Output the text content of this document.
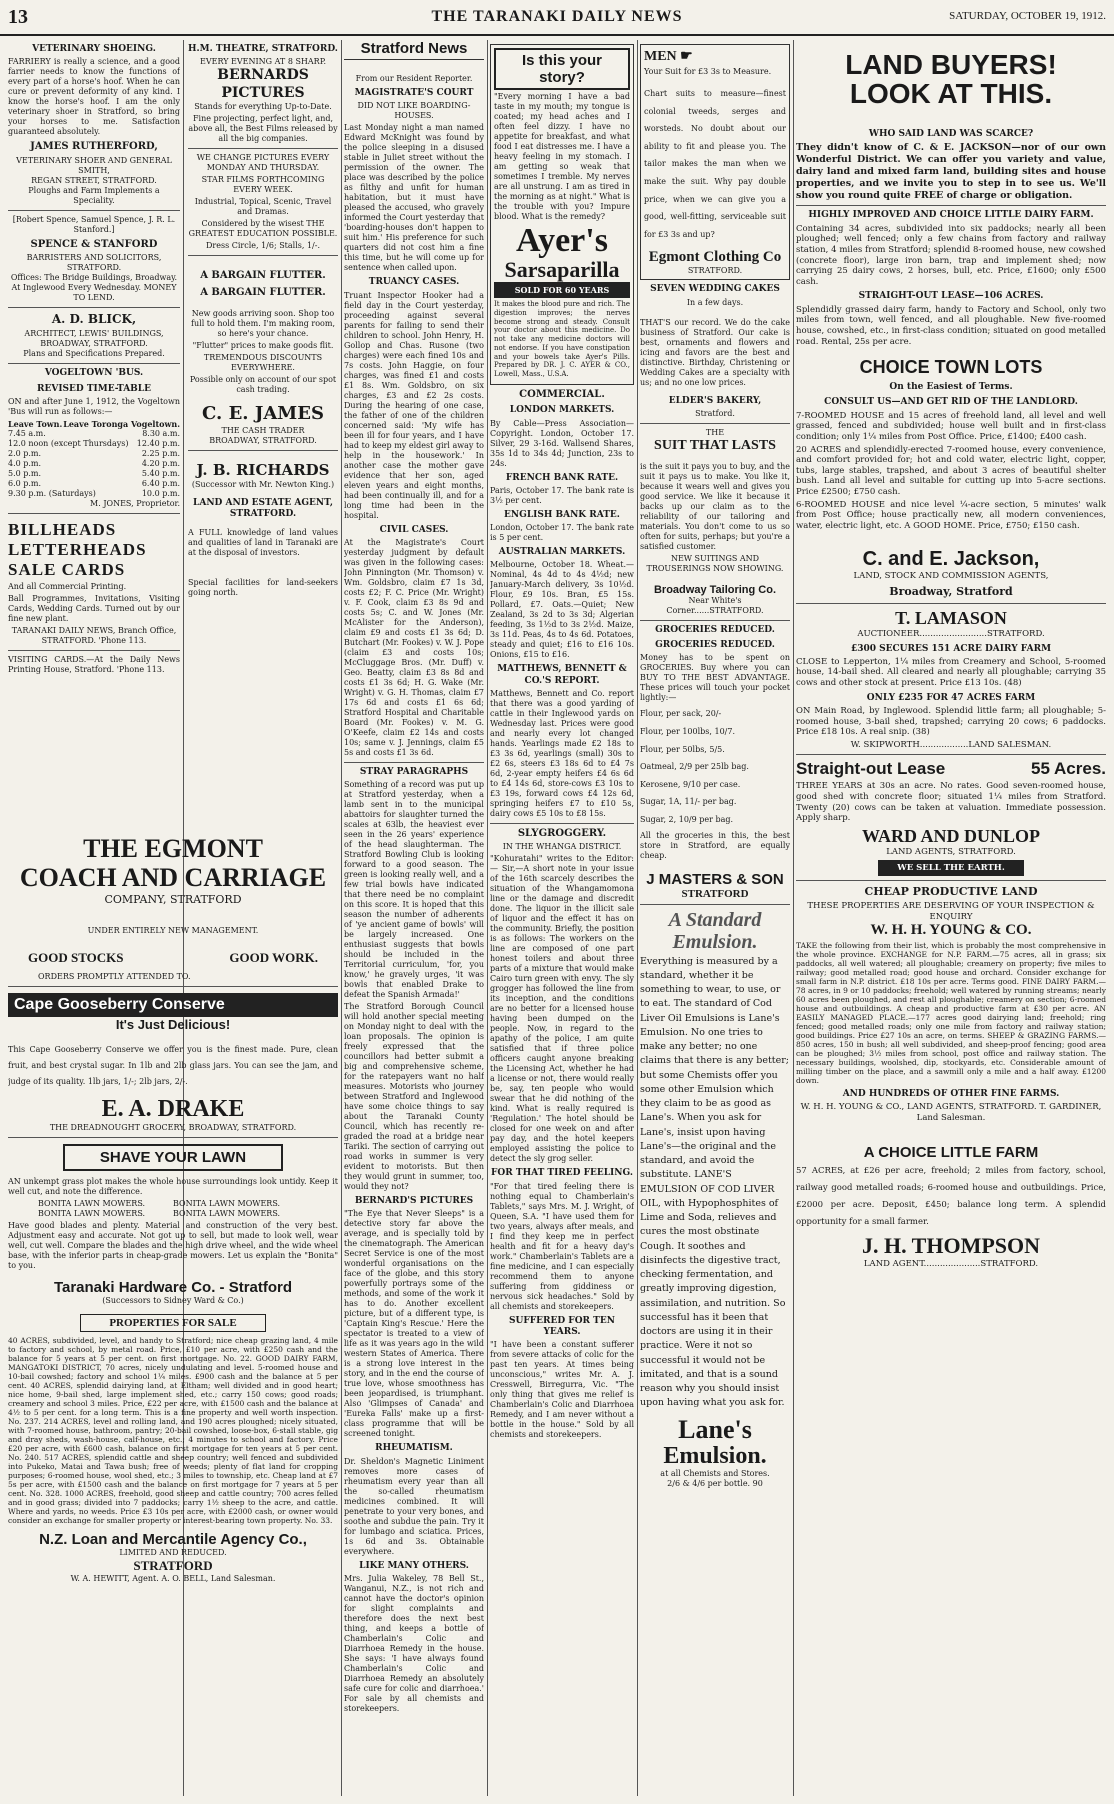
13	THE TARANAKI DAILY NEWS	SATURDAY, OCTOBER 19, 1912.
VETERINARY SHOEING.

FARRIERY is really a science, and a good farrier needs to know the functions of every part of a horse's hoof. When he can cure or prevent deformity of any kind. I know the horse's hoof. I am the only veterinary shoer in Stratford, so bring your horses to me. Satisfaction guaranteed absolutely.

JAMES RUTHERFORD,
VETERINARY SHOER AND GENERAL SMITH,
REGAN STREET, STRATFORD.
Ploughs and Farm Implements a Speciality.
[Robert Spence, Samuel Spence, J. R. L. Stanford.]
SPENCE & STANFORD
BARRISTERS AND SOLICITORS, STRATFORD.
Offices: The Bridge Buildings, Broadway.
At Inglewood Every Wednesday. MONEY TO LEND.
A. D. BLICK,
ARCHITECT, LEWIS' BUILDINGS, BROADWAY, STRATFORD.
Plans and Specifications Prepared.
VOGELTOWN 'BUS.
REVISED TIME-TABLE

ON and after June 1, 1912, the Vogeltown 'Bus will run as follows:—

Leave Town. Leave Toronga Vogeltown.
7.45 a.m.	8.30 a.m.
12.0 noon (except Thursdays) 12.40 p.m.
2.0 p.m.	2.25 p.m.
4.0 p.m.	4.20 p.m.
5.0 p.m.	5.40 p.m.
6.0 p.m.	6.40 p.m.
9.30 p.m. (Saturdays)	10.0 p.m.
M. JONES, Proprietor.
BILLHEADS
LETTERHEADS
SALE CARDS

And all Commercial Printing.

Ball Programmes, Invitations, Visiting Cards, Wedding Cards. Turned out by our fine new plant.

TARANAKI DAILY NEWS, Branch Office, STRATFORD. 'Phone 113.

VISITING CARDS.—At the Daily News Printing House, Stratford. 'Phone 113.

H.M. THEATRE, STRATFORD.
EVERY EVENING AT 8 SHARP.
BERNARDS
PICTURES
Stands for everything Up-to-Date.

Fine projecting, perfect light, and, above all, the Best Films released by all the big companies.

WE CHANGE PICTURES EVERY MONDAY AND THURSDAY.

STAR FILMS FORTHCOMING EVERY WEEK.

Industrial, Topical, Scenic, Travel and Dramas.

Considered by the wisest THE GREATEST EDUCATION POSSIBLE.

Dress Circle, 1/6; Stalls, 1/-.

A BARGAIN FLUTTER.
A BARGAIN FLUTTER.

New goods arriving soon. Shop too full to hold them. I'm making room, so here's your chance.

"Flutter" prices to make goods flit.

TREMENDOUS DISCOUNTS EVERYWHERE.

Possible only on account of our spot cash trading.

C. E. JAMES
THE CASH TRADER
BROADWAY, STRATFORD.
J. B. RICHARDS
(Successor with Mr. Newton King.)
LAND AND ESTATE AGENT, STRATFORD.

A FULL knowledge of land values and qualities of land in Taranaki are at the disposal of investors.

Special facilities for land-seekers going north.

Stratford News
From our Resident Reporter.
MAGISTRATE'S COURT
DID NOT LIKE BOARDING-HOUSES.

Last Monday night a man named Edward McKnight was found by the police sleeping in a disused stable in Juliet street without the permission of the owner. The place was described by the police as filthy and unfit for human habitation, but it must have pleased the accused, who gravely informed the Court yesterday that 'boarding-houses don't happen to suit him.' His preference for such quarters did not cost him a fine this time, but he will come up for sentence when called upon.

TRUANCY CASES.

Truant Inspector Hooker had a field day in the Court yesterday, proceeding against several parents for failing to send their children to school. John Henry, H. Gollop and Chas. Rusone (two charges) were each fined 10s and 7s costs. John Haggie, on four charges, was fined £1 and costs £1 8s. Wm. Goldsbro, on six charges, £3 and £2 2s costs. During the hearing of one case, the father of one of the children concerned said: 'My wife has been ill for four years, and I have had to keep my eldest girl away to help in the housework.' In another case the mother gave evidence that her son, aged eleven years and eight months, had been continually ill, and for a long time had been in the hospital.

CIVIL CASES.

At the Magistrate's Court yesterday judgment by default was given in the following cases: John Pinnington (Mr. Thomson) v. Wm. Goldsbro, claim £7 1s 3d, costs £2; F. C. Price (Mr. Wright) v. F. Cook, claim £3 8s 9d and costs 5s; C. and W. Jones (Mr. McAlister for the Anderson), claim £9 and costs £1 3s 6d; D. Butchart (Mr. Fookes) v. W. J. Pope (claim £3 and costs 10s; McCluggage Bros. (Mr. Duff) v. Geo. Beatty, claim £3 8s 8d and costs £1 3s 6d; H. G. Wake (Mr. Wright) v. G. H. Thomas, claim £7 17s 6d and costs £1 6s 6d; Stratford Hospital and Charitable Board (Mr. Fookes) v. M. G. O'Keefe, claim £2 14s and costs 10s; same v. J. Jennings, claim £5 5s and costs £1 3s 6d.

STRAY PARAGRAPHS

Something of a record was put up at Stratford yesterday, when a lamb sent in to the municipal abattoirs for slaughter turned the scales at 63lb, the heaviest ever seen in the 26 years' experience of the head slaughterman. The Stratford Bowling Club is looking forward to a good season. The green is looking really well, and a few trial bowls have indicated that there need be no complaint on this score. It is hoped that this season the number of adherents of 'ye ancient game of bowls' will be largely increased. One enthusiast suggests that bowls should be included in the Territorial curriculum, 'for, you know,' he gravely urges, 'it was bowls that enabled Drake to defeat the Spanish Armada!'

The Stratford Borough Council will hold another special meeting on Monday night to deal with the loan proposals. The opinion is freely expressed that the councillors had better submit a big and comprehensive scheme, for the ratepayers want no half measures. Motorists who journey between Stratford and Inglewood have some choice things to say about the Taranaki County Council, which has recently re-graded the road at a bridge near Tariki. The section of carrying out road works in summer is very evident to motorists. But then they would grunt in summer, too, would they not?

BERNARD'S PICTURES

"The Eye that Never Sleeps" is a detective story far above the average, and is specially told by the cinematograph. The American Secret Service is one of the most wonderful organisations on the face of the globe, and this story powerfully portrays some of the methods, and some of the work it has to do. Another excellent picture, but of a different type, is 'Captain King's Rescue.' Here the spectator is treated to a view of life as it was years ago in the wild western States of America. There is a strong love interest in the story, and in the end the course of true love, whose smoothness has been jeopardised, is triumphant. Also 'Glimpses of Canada' and 'Eureka Falls' make up a first-class programme that will be screened tonight.

RHEUMATISM.

Dr. Sheldon's Magnetic Liniment removes more cases of rheumatism every year than all the so-called rheumatism medicines combined. It will penetrate to your very bones, and soothe and subdue the pain. Try it for lumbago and sciatica. Prices, 1s 6d and 3s. Obtainable everywhere.

LIKE MANY OTHERS.

Mrs. Julia Wakeley, 78 Bell St., Wanganui, N.Z., is not rich and cannot have the doctor's opinion for slight complaints and therefore does the next best thing, and keeps a bottle of Chamberlain's Colic and Diarrhoea Remedy in the house. She says: 'I have always found Chamberlain's Colic and Diarrhoea Remedy an absolutely safe cure for colic and diarrhoea.' For sale by all chemists and storekeepers.

Is this your story?

"Every morning I have a bad taste in my mouth; my tongue is coated; my head aches and I often feel dizzy. I have no appetite for breakfast, and what food I eat distresses me. I have a heavy feeling in my stomach. I am getting so weak that sometimes I tremble. My nerves are all unstrung. I am as tired in the morning as at night." What is the trouble with you? Impure blood. What is the remedy?

Ayer's
Sarsaparilla
SOLD FOR 60 YEARS

It makes the blood pure and rich. The digestion improves; the nerves become strong and steady. Consult your doctor about this medicine. Do not take any medicine doctors will not endorse. If you have constipation and your bowels take Ayer's Pills. Prepared by DR. J. C. AYER & CO., Lowell, Mass., U.S.A.

COMMERCIAL.
LONDON MARKETS.

By Cable—Press Association—Copyright. London, October 17. Silver, 29 3-16d. Wallsend Shares, 35s 1d to 34s 4d; Junction, 23s to 24s.

FRENCH BANK RATE.

Paris, October 17. The bank rate is 3½ per cent.

ENGLISH BANK RATE.

London, October 17. The bank rate is 5 per cent.

AUSTRALIAN MARKETS.

Melbourne, October 18. Wheat.—Nominal, 4s 4d to 4s 4½d; new January-March delivery, 3s 10½d. Flour, £9 10s. Bran, £5 15s. Pollard, £7. Oats.—Quiet; New Zealand, 3s 2d to 3s 3d; Algerian feeding, 3s 1½d to 3s 2½d. Maize, 3s 11d. Peas, 4s to 4s 6d. Potatoes, steady and quiet; £16 to £16 10s. Onions, £15 to £16.

MATTHEWS, BENNETT & CO.'S REPORT.

Matthews, Bennett and Co. report that there was a good yarding of cattle in their Inglewood yards on Wednesday last. Prices were good and nearly every lot changed hands. Yearlings made £2 18s to £3 3s 6d, yearlings (small) 30s to £2 6s, steers £3 18s 6d to £4 7s 6d, 2-year empty heifers £4 6s 6d to £4 14s 6d, store-cows £3 10s to £3 19s, forward cows £4 12s 6d, springing heifers £7 to £10 5s, dairy cows £5 10s to £8 15s.

SLYGROGGERY.
IN THE WHANGA DISTRICT.

"Kohuratahi" writes to the Editor:— Sir,—A short note in your issue of the 16th scarcely describes the situation of the Whangamomona line or the damage and discredit done. The liquor in the illicit sale of liquor and the effect it has on the community. Briefly, the position is as follows: The workers on the line are composed of one part honest toilers and about three parts of a mixture that would make Cairo turn green with envy. The sly grogger has followed the line from its inception, and the conditions are no better for a licensed house having been dumped on the people. Now, in regard to the apathy of the police, I am quite satisfied that if three police officers caught anyone breaking the Licensing Act, whether he had a license or not, there would really be, say, ten people who would swear that he did nothing of the kind. What is really required is 'Regulation.' The hotel should be closed for one week on and after pay day, and the hotel keepers employed assisting the police to detect the sly grog seller.

FOR THAT TIRED FEELING.

"For that tired feeling there is nothing equal to Chamberlain's Tablets," says Mrs. M. J. Wright, of Queen, S.A. "I have used them for two years, always after meals, and I find they keep me in perfect health and fit for a heavy day's work." Chamberlain's Tablets are a fine medicine, and I can especially recommend them to anyone suffering from giddiness or nervous sick headaches." Sold by all chemists and storekeepers.

SUFFERED FOR TEN YEARS.

"I have been a constant sufferer from severe attacks of colic for the past ten years. At times being unconscious," writes Mr. A. J. Cresswell, Birregurra, Vic. "The only thing that gives me relief is Chamberlain's Colic and Diarrhoea Remedy, and I am never without a bottle in the house." Sold by all chemists and storekeepers.

MEN ☛

Your Suit for £3 3s to Measure.

Chart suits to measure—finest colonial tweeds, serges and worsteds. No doubt about our ability to fit and please you. The tailor makes the man when we make the suit. Why pay double price, when we can give you a good, well-fitting, serviceable suit for £3 3s and up?

Egmont Clothing Co
STRATFORD.
SEVEN WEDDING CAKES
In a few days.

THAT'S our record. We do the cake business of Stratford. Our cake is best, ornaments and flowers and icing and favors are the best and distinctive. Birthday, Christening or Wedding Cakes are a specialty with us; and no one low prices.

ELDER'S BAKERY,
Stratford.
THE
SUIT THAT LASTS

is the suit it pays you to buy, and the suit it pays us to make. You like it, because it wears well and gives you good service. We like it because it backs up our claim as to the reliability of our tailoring and materials. You don't come to us so often for suits, perhaps; but you're a satisfied customer.

NEW SUITINGS AND TROUSERINGS NOW SHOWING.

Broadway Tailoring Co.
Near White's Corner......STRATFORD.
GROCERIES REDUCED.
GROCERIES REDUCED.

Money has to be spent on GROCERIES. Buy where you can BUY TO THE BEST ADVANTAGE. These prices will touch your pocket lightly:—

Flour, per sack, 20/-
Flour, per 100lbs, 10/7.
Flour, per 50lbs, 5/5.
Oatmeal, 2/9 per 25lb bag.
Kerosene, 9/10 per case.
Sugar, 1A, 11/- per bag.
Sugar, 2, 10/9 per bag.

All the groceries in this, the best store in Stratford, are equally cheap.

J MASTERS & SON
STRATFORD
A Standard Emulsion.

Everything is measured by a standard, whether it be something to wear, to use, or to eat. The standard of Cod Liver Oil Emulsions is Lane's Emulsion. No one tries to make any better; no one claims that there is any better; but some Chemists offer you some other Emulsion which they claim to be as good as Lane's. When you ask for Lane's, insist upon having Lane's—the original and the standard, and avoid the substitute. LANE'S EMULSION OF COD LIVER OIL, with Hypophosphites of Lime and Soda, relieves and cures the most obstinate Cough. It soothes and disinfects the digestive tract, checking fermentation, and greatly improving digestion, assimilation, and nutrition. So successful has it been that doctors are using it in their practice. Were it not so successful it would not be imitated, and that is a sound reason why you should insist upon having what you ask for.

Lane's
Emulsion.
at all Chemists and Stores.
2/6 & 4/6 per bottle. 90
LAND BUYERS!
LOOK AT THIS.
WHO SAID LAND WAS SCARCE?

They didn't know of C. & E. JACKSON—nor of our own Wonderful District. We can offer you variety and value, dairy land and mixed farm land, building sites and house properties, and we invite you to step in to see us. We'll show you round quite FREE of charge or obligation.

HIGHLY IMPROVED AND CHOICE LITTLE DAIRY FARM.

Containing 34 acres, subdivided into six paddocks; nearly all been ploughed; well fenced; only a few chains from factory and railway station, 4 miles from Stratford; splendid 8-roomed house, new cowshed (concrete floor), large iron barn, trap and implement shed; now carrying 25 dairy cows, 2 horses, bull, etc. Price, £1600; only £500 cash.

STRAIGHT-OUT LEASE—106 ACRES.

Splendidly grassed dairy farm, handy to Factory and School, only two miles from town, well fenced, and all ploughable. New five-roomed house, cowshed, etc., in first-class condition; situated on good metalled road. Rental, 25s per acre.

CHOICE TOWN LOTS
On the Easiest of Terms.
CONSULT US—AND GET RID OF THE LANDLORD.

7-ROOMED HOUSE and 15 acres of freehold land, all level and well grassed, fenced and subdivided; house well built and in first-class condition; only 1¼ miles from Post Office. Price, £1400; £400 cash.

20 ACRES and splendidly-erected 7-roomed house, every convenience, and comfort provided for; hot and cold water, electric light, copper, tubs, large stables, trapshed, and about 3 acres of beautiful shelter bush. Land all level and suitable for cutting up into 5-acre sections. Price £2500; £750 cash.

6-ROOMED HOUSE and nice level ¼-acre section, 5 minutes' walk from Post Office; house practically new, all modern conveniences, water, electric light, etc. A GOOD HOME. Price, £750; £150 cash.

C. and E. Jackson,
LAND, STOCK AND COMMISSION AGENTS,
Broadway, Stratford
T. LAMASON
AUCTIONEER.........................STRATFORD.
£300 SECURES 151 ACRE DAIRY FARM

CLOSE to Lepperton, 1¼ miles from Creamery and School, 5-roomed house, 14-bail shed. All cleared and nearly all ploughable; carrying 35 cows and other stock at present. Price £13 10s. (48)

ONLY £235 FOR 47 ACRES FARM

ON Main Road, by Inglewood. Splendid little farm; all ploughable; 5-roomed house, 3-bail shed, trapshed; carrying 20 cows; 6 paddocks. Price £18 10s. A real snip. (38)

W. SKIPWORTH..................LAND SALESMAN.
Straight-out Lease	55 Acres.

THREE YEARS at 30s an acre. No rates. Good seven-roomed house, good shed with concrete floor; situated 1¼ miles from Stratford. Twenty (20) cows can be taken at valuation. Immediate possession. Apply sharp.

WARD AND DUNLOP
LAND AGENTS, STRATFORD.
WE SELL THE EARTH.
CHEAP PRODUCTIVE LAND
THESE PROPERTIES ARE DESERVING OF YOUR INSPECTION & ENQUIRY
W. H. H. YOUNG & CO.

TAKE the following from their list, which is probably the most comprehensive in the whole province. EXCHANGE for N.P. FARM.—75 acres, all in grass; six paddocks, all well watered; all ploughable; creamery on property; five miles to railway; good metalled road; good house and orchard. Consider exchange for small farm in N.P. district. £18 10s per acre. Terms good. FINE DAIRY FARM.—78 acres, in 9 or 10 paddocks; freehold; well watered by running streams; nearly 60 acres been ploughed, and rest all ploughable; creamery on section; 6-roomed house and outbuildings. A cheap and productive farm at £30 per acre. AN EASILY MANAGED PLACE.—177 acres good dairying land; freehold; ring fenced; good metalled roads; only one mile from factory and railway station; good buildings. Price £27 10s an acre, on terms. SHEEP & GRAZING FARMS.—850 acres, 150 in bush; all well subdivided, and sheep-proof fencing; good area can be ploughed; 3½ miles from school, post office and railway station. The necessary buildings, woolshed, dip, stockyards, etc. Considerable amount of milling timber on the place, and a sawmill only a mile and a half away. £1200 down.

AND HUNDREDS OF OTHER FINE FARMS.
W. H. H. YOUNG & CO., LAND AGENTS, STRATFORD. T. GARDINER, Land Salesman.
A CHOICE LITTLE FARM

57 ACRES, at £26 per acre, freehold; 2 miles from factory, school, railway good metalled roads; 6-roomed house and outbuildings. Price, £2000 per acre. Deposit, £450; balance long term. A splendid opportunity for a small farmer.

J. H. THOMPSON
LAND AGENT.....................STRATFORD.
THE EGMONT
COACH AND CARRIAGE
COMPANY, STRATFORD
UNDER ENTIRELY NEW MANAGEMENT.
GOOD STOCKS	GOOD WORK.
ORDERS PROMPTLY ATTENDED TO.
Cape Gooseberry Conserve
It's Just Delicious!

This Cape Gooseberry Conserve we offer you is the finest made. Pure, clean fruit, and best crystal sugar. In 1lb and 2lb glass jars. You can see the jam, and judge of its quality. 1lb jars, 1/-; 2lb jars, 2/-.

E. A. DRAKE
THE DREADNOUGHT GROCERY, BROADWAY, STRATFORD.
SHAVE YOUR LAWN

AN unkempt grass plot makes the whole house surroundings look untidy. Keep it well cut, and note the difference.

BONITA LAWN MOWERS.	BONITA LAWN MOWERS.
BONITA LAWN MOWERS.	BONITA LAWN MOWERS.

Have good blades and plenty. Material and construction of the very best. Adjustment easy and accurate. Not got up to sell, but made to look well, wear well, cut well. Compare the blades and the high drive wheel, and the wide wheel base, with the inferior parts in cheap-grade mowers. Let us explain the "Bonita" to you.

Taranaki Hardware Co. - Stratford
(Successors to Sidney Ward & Co.)
PROPERTIES FOR SALE

40 ACRES, subdivided, level, and handy to Stratford; nice cheap grazing land, 4 mile to factory and school, by metal road. Price, £10 per acre, with £250 cash and the balance for 5 years at 5 per cent. on first mortgage. No. 22. GOOD DAIRY FARM, MANGATOKI DISTRICT, 70 acres, nicely undulating and level. 5-roomed house and 10-bail cowshed; factory and school 1¼ miles. £900 cash and the balance at 5 per cent. 40 ACRES, splendid dairying land, at Eltham; well divided and in good heart; nice home, 9-bail shed, large implement shed, etc.; carry 150 cows; good roads; creamery and school 3 miles. Price, £22 per acre, with £1500 cash and the balance at 4½ to 5 per cent. for a long term. This is a fine property and well worth inspection. No. 237. 214 ACRES, level and rolling land, and 190 acres ploughed; nicely situated, with 7-roomed house, bathroom, pantry; 20-bail cowshed, loose-box, 6-stall stable, gig and dray sheds, wash-house, calf-house, etc.; 4 minutes to school and factory. Price £20 per acre, with £600 cash, balance on first mortgage for ten years at 5 per cent. No. 240. 517 ACRES, splendid cattle and sheep country; well fenced and subdivided into Pukeko, Matai and Tawa bush; free of weeds; plenty of flat land for cropping purposes; 6-roomed house, wool shed, etc.; 3 miles to township, etc. Cheap land at £7 5s per acre, with £1500 cash and the balance on first mortgage for 7 years at 5 per cent. No. 328. 1000 ACRES, freehold, good sheep and cattle country; 700 acres felled and in good grass; divided into 7 paddocks; carry 1½ sheep to the acre, and cattle. Where and yards, no weeds. Price £3 10s per acre, with £2000 cash, or owner would consider an exchange for smaller property or interest-bearing town property. No. 33.

N.Z. Loan and Mercantile Agency Co.,
LIMITED AND REDUCED.
STRATFORD
W. A. HEWITT, Agent. A. O. BELL, Land Salesman.
